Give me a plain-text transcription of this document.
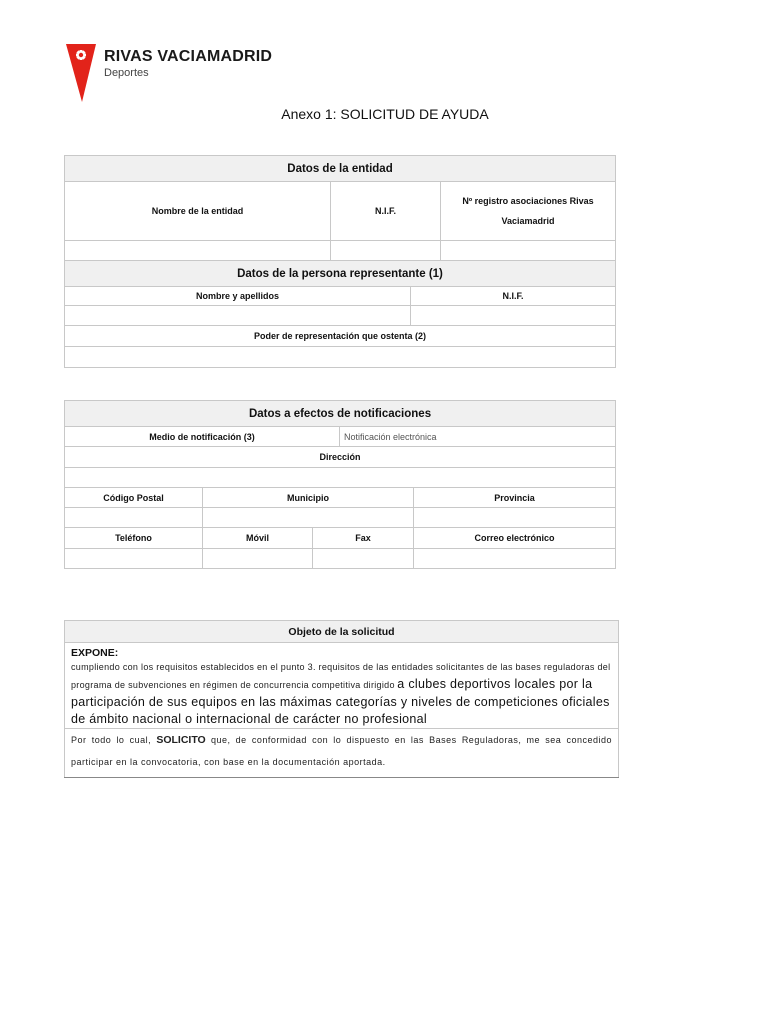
RIVAS VACIAMADRID
Deportes
Anexo 1: SOLICITUD DE AYUDA
Datos de la entidad			
Nombre de la entidad	N.I.F.		Nº registro asociaciones Rivas
Vaciamadrid

Datos de la persona representante (1)			
Nombre y apellidos		N.I.F.	

Poder de representación que ostenta (2)			

Datos a efectos de notificaciones				
Medio de notificación (3)			Notificación electrónica	
Dirección				

Código Postal	Municipio			Provincia

Teléfono	Móvil	Fax		Correo electrónico

Objeto de la solicitud

EXPONE:
cumpliendo con los requisitos establecidos en el punto 3. requisitos de las entidades solicitantes de las bases reguladoras del programa de subvenciones en régimen de concurrencia competitiva dirigido a clubes deportivos locales por la participación de sus equipos en las máximas categorías y niveles de competiciones oficiales de ámbito nacional o internacional de carácter no profesional

Por todo lo cual, SOLICITO que, de conformidad con lo dispuesto en las Bases Reguladoras, me sea concedido participar en la convocatoria, con base en la documentación aportada.
